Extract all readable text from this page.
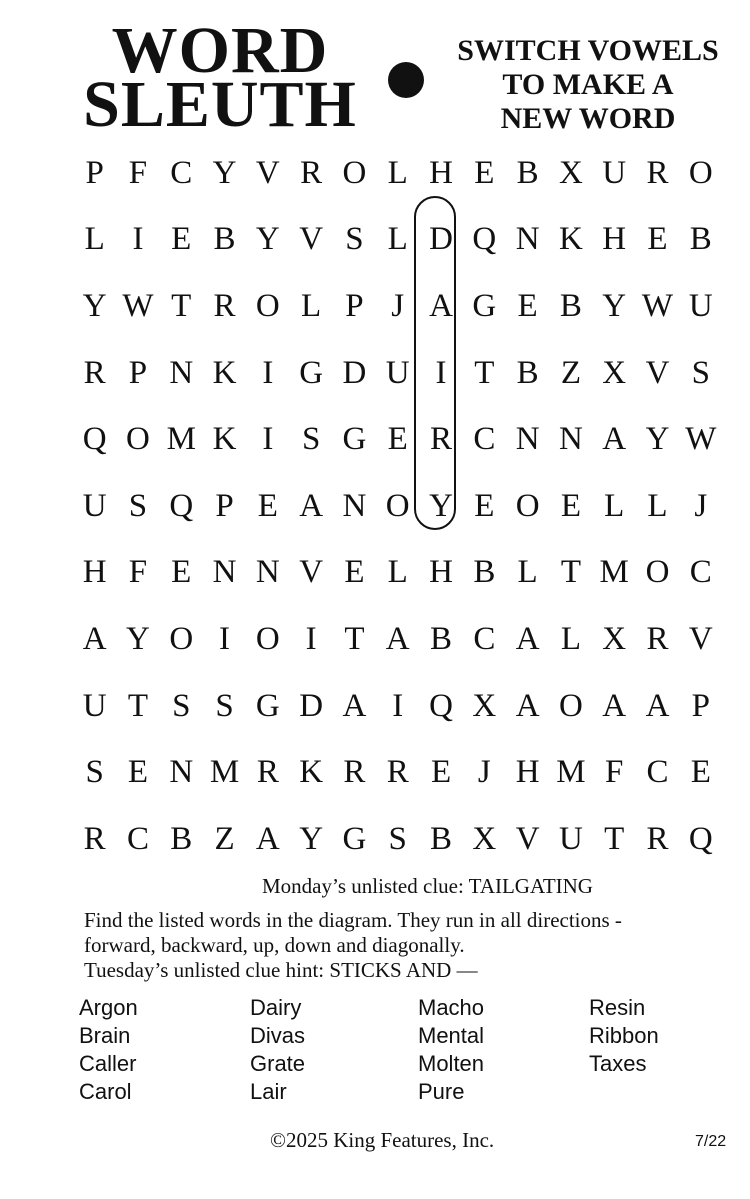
WORD
SLEUTH
SWITCH VOWELS
TO MAKE A
NEW WORD
P F C Y V R O L H E B X U R O
L I E B Y V S L D Q N K H E B
Y W T R O L P J A G E B Y W U
R P N K I G D U I T B Z X V S
Q O M K I S G E R C N N A Y W
U S Q P E A N O Y E O E L L J
H F E N N V E L H B L T M O C
A Y O I O I T A B C A L X R V
U T S S G D A I Q X A O A A P
S E N M R K R R E J H M F C E
R C B Z A Y G S B X V U T R Q
Monday’s unlisted clue: TAILGATING
Find the listed words in the diagram. They run in all directions -
forward, backward, up, down and diagonally.
Tuesday’s unlisted clue hint: STICKS AND —
Argon
Brain
Caller
Carol
Dairy
Divas
Grate
Lair
Macho
Mental
Molten
Pure
Resin
Ribbon
Taxes
©2025 King Features, Inc.	7/22
